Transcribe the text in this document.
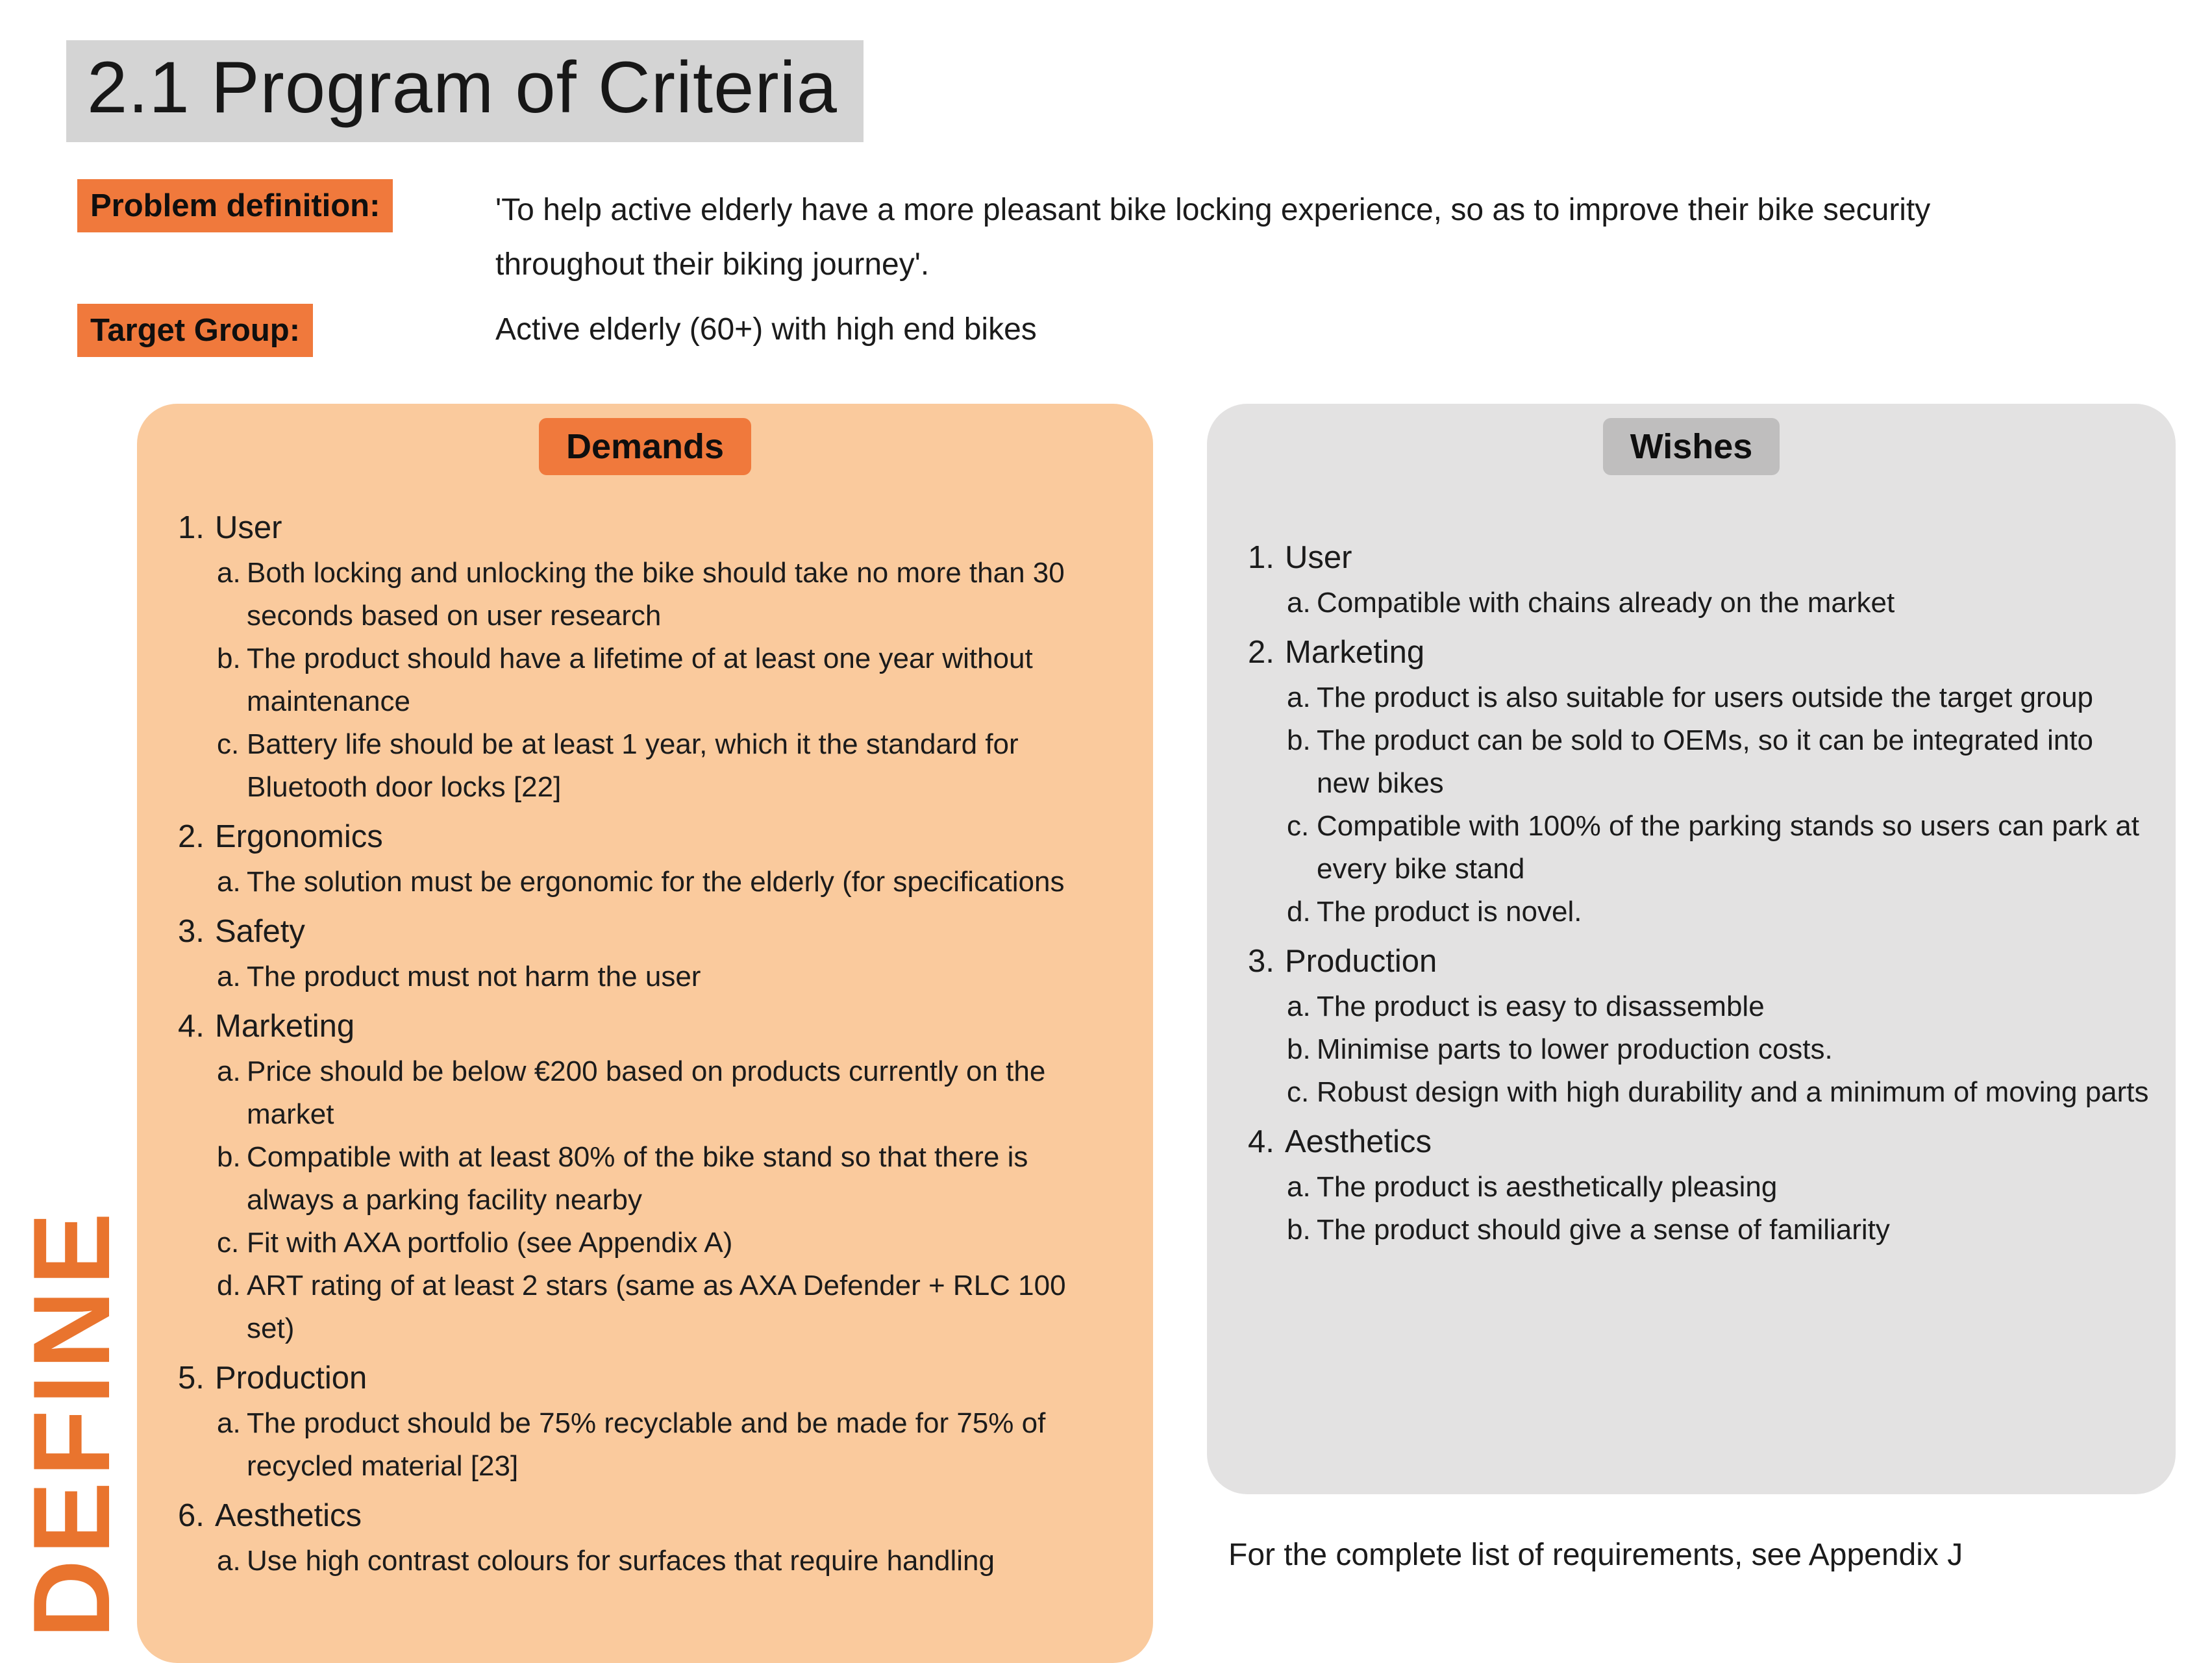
2.1 Program of Criteria
Problem definition:	'To help active elderly have a more pleasant bike locking experience, so as to improve their bike security throughout their biking journey'.

Target Group:	Active elderly (60+) with high end bikes

Demands
1. User
a. Both locking and unlocking the bike should take no more than 30 seconds based on user research
b. The product should have a lifetime of at least one year without maintenance
c. Battery life should be at least 1 year, which it the standard for Bluetooth door locks [22]
2. Ergonomics
a. The solution must be ergonomic for the elderly (for specifications
3. Safety
a. The product must not harm the user
4. Marketing
a. Price should be below €200 based on products currently on the market
b. Compatible with at least 80% of the bike stand so that there is always a parking facility nearby
c. Fit with AXA portfolio (see Appendix A)
d. ART rating of at least 2 stars (same as AXA Defender + RLC 100 set)
5. Production
a. The product should be 75% recyclable and be made for 75% of recycled material [23]
6. Aesthetics
a. Use high contrast colours for surfaces that require handling
Wishes
1. User
a. Compatible with chains already on the market
2. Marketing
a. The product is also suitable for users outside the target group
b. The product can be sold to OEMs, so it can be integrated into new bikes
c. Compatible with 100% of the parking stands so users can park at every bike stand
d. The product is novel.
3. Production
a. The product is easy to disassemble
b. Minimise parts to lower production costs.
c. Robust design with high durability and a minimum of moving parts
4. Aesthetics
a. The product is aesthetically pleasing
b. The product should give a sense of familiarity
For the complete list of requirements, see Appendix J
DEFINE
